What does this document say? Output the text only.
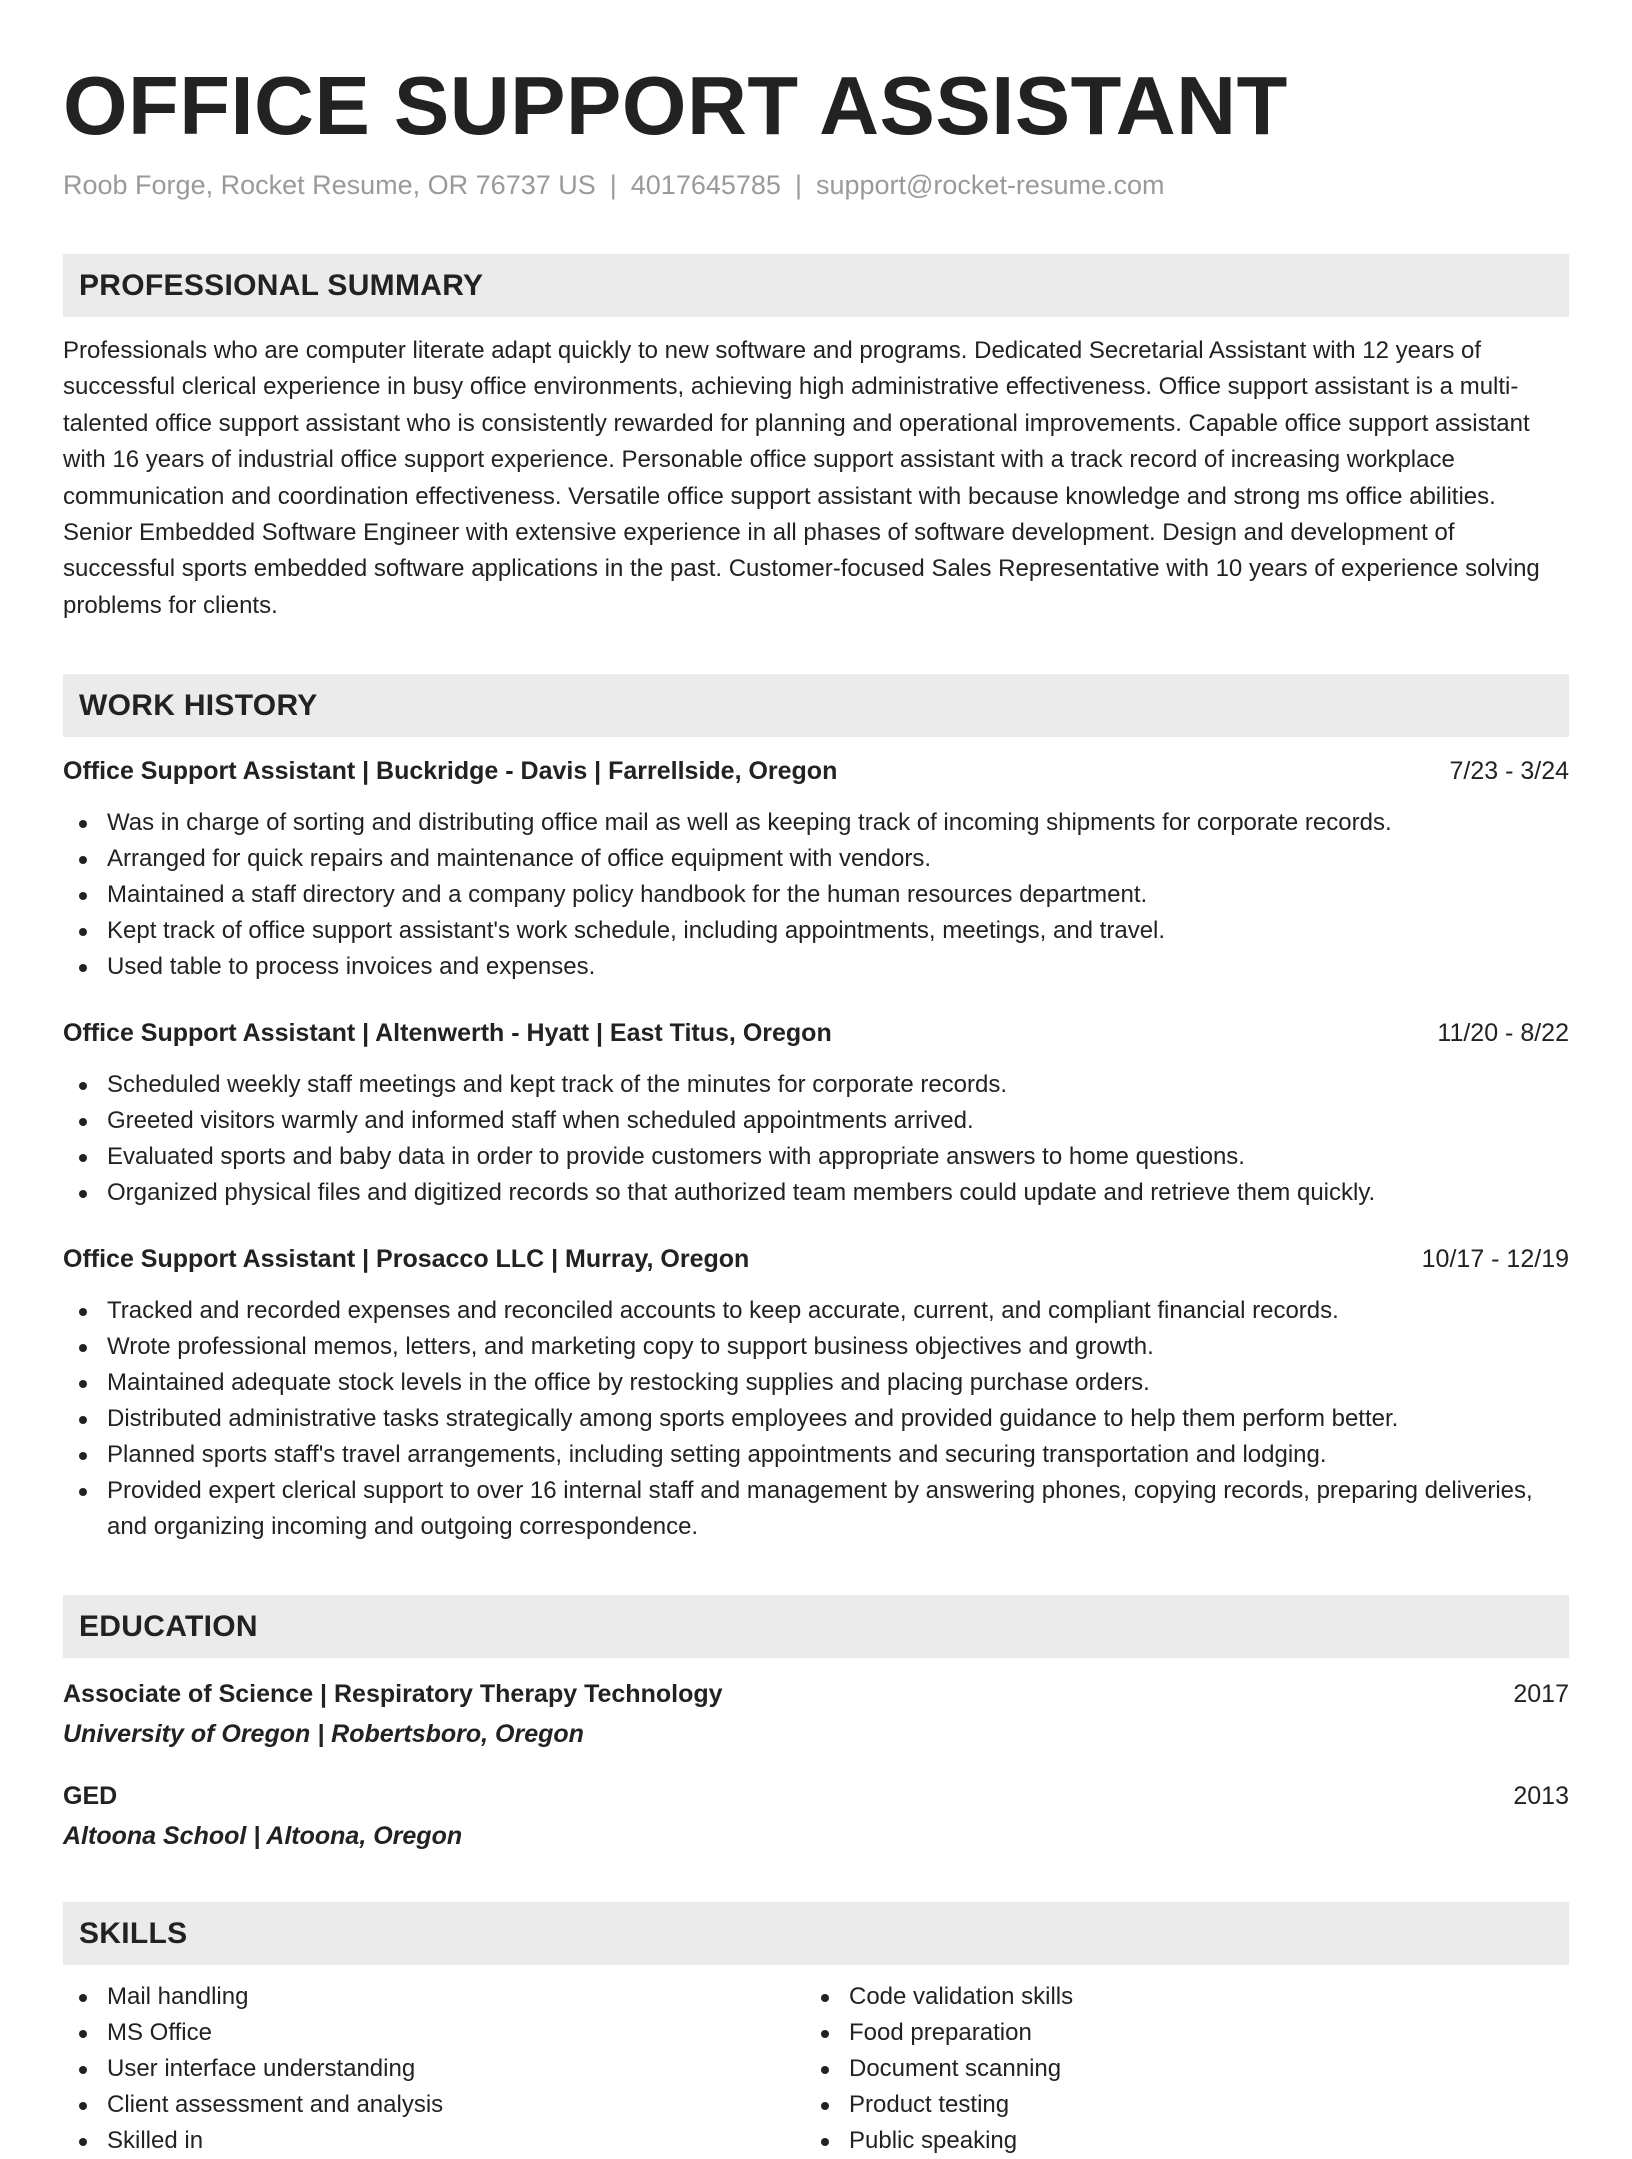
OFFICE SUPPORT ASSISTANT
Roob Forge, Rocket Resume, OR 76737 US | 4017645785 | support@rocket-resume.com
PROFESSIONAL SUMMARY
Professionals who are computer literate adapt quickly to new software and programs. Dedicated Secretarial Assistant with 12 years of successful clerical experience in busy office environments, achieving high administrative effectiveness. Office support assistant is a multi-talented office support assistant who is consistently rewarded for planning and operational improvements. Capable office support assistant with 16 years of industrial office support experience. Personable office support assistant with a track record of increasing workplace communication and coordination effectiveness. Versatile office support assistant with because knowledge and strong ms office abilities. Senior Embedded Software Engineer with extensive experience in all phases of software development. Design and development of successful sports embedded software applications in the past. Customer-focused Sales Representative with 10 years of experience solving problems for clients.
WORK HISTORY
Office Support Assistant | Buckridge - Davis | Farrellside, Oregon	7/23 - 3/24
Was in charge of sorting and distributing office mail as well as keeping track of incoming shipments for corporate records.
Arranged for quick repairs and maintenance of office equipment with vendors.
Maintained a staff directory and a company policy handbook for the human resources department.
Kept track of office support assistant's work schedule, including appointments, meetings, and travel.
Used table to process invoices and expenses.
Office Support Assistant | Altenwerth - Hyatt | East Titus, Oregon	11/20 - 8/22
Scheduled weekly staff meetings and kept track of the minutes for corporate records.
Greeted visitors warmly and informed staff when scheduled appointments arrived.
Evaluated sports and baby data in order to provide customers with appropriate answers to home questions.
Organized physical files and digitized records so that authorized team members could update and retrieve them quickly.
Office Support Assistant | Prosacco LLC | Murray, Oregon	10/17 - 12/19
Tracked and recorded expenses and reconciled accounts to keep accurate, current, and compliant financial records.
Wrote professional memos, letters, and marketing copy to support business objectives and growth.
Maintained adequate stock levels in the office by restocking supplies and placing purchase orders.
Distributed administrative tasks strategically among sports employees and provided guidance to help them perform better.
Planned sports staff's travel arrangements, including setting appointments and securing transportation and lodging.
Provided expert clerical support to over 16 internal staff and management by answering phones, copying records, preparing deliveries, and organizing incoming and outgoing correspondence.
EDUCATION
Associate of Science | Respiratory Therapy Technology	2017
University of Oregon | Robertsboro, Oregon
GED	2013
Altoona School | Altoona, Oregon
SKILLS
Mail handling
MS Office
User interface understanding
Client assessment and analysis
Skilled in
Code validation skills
Food preparation
Document scanning
Product testing
Public speaking
